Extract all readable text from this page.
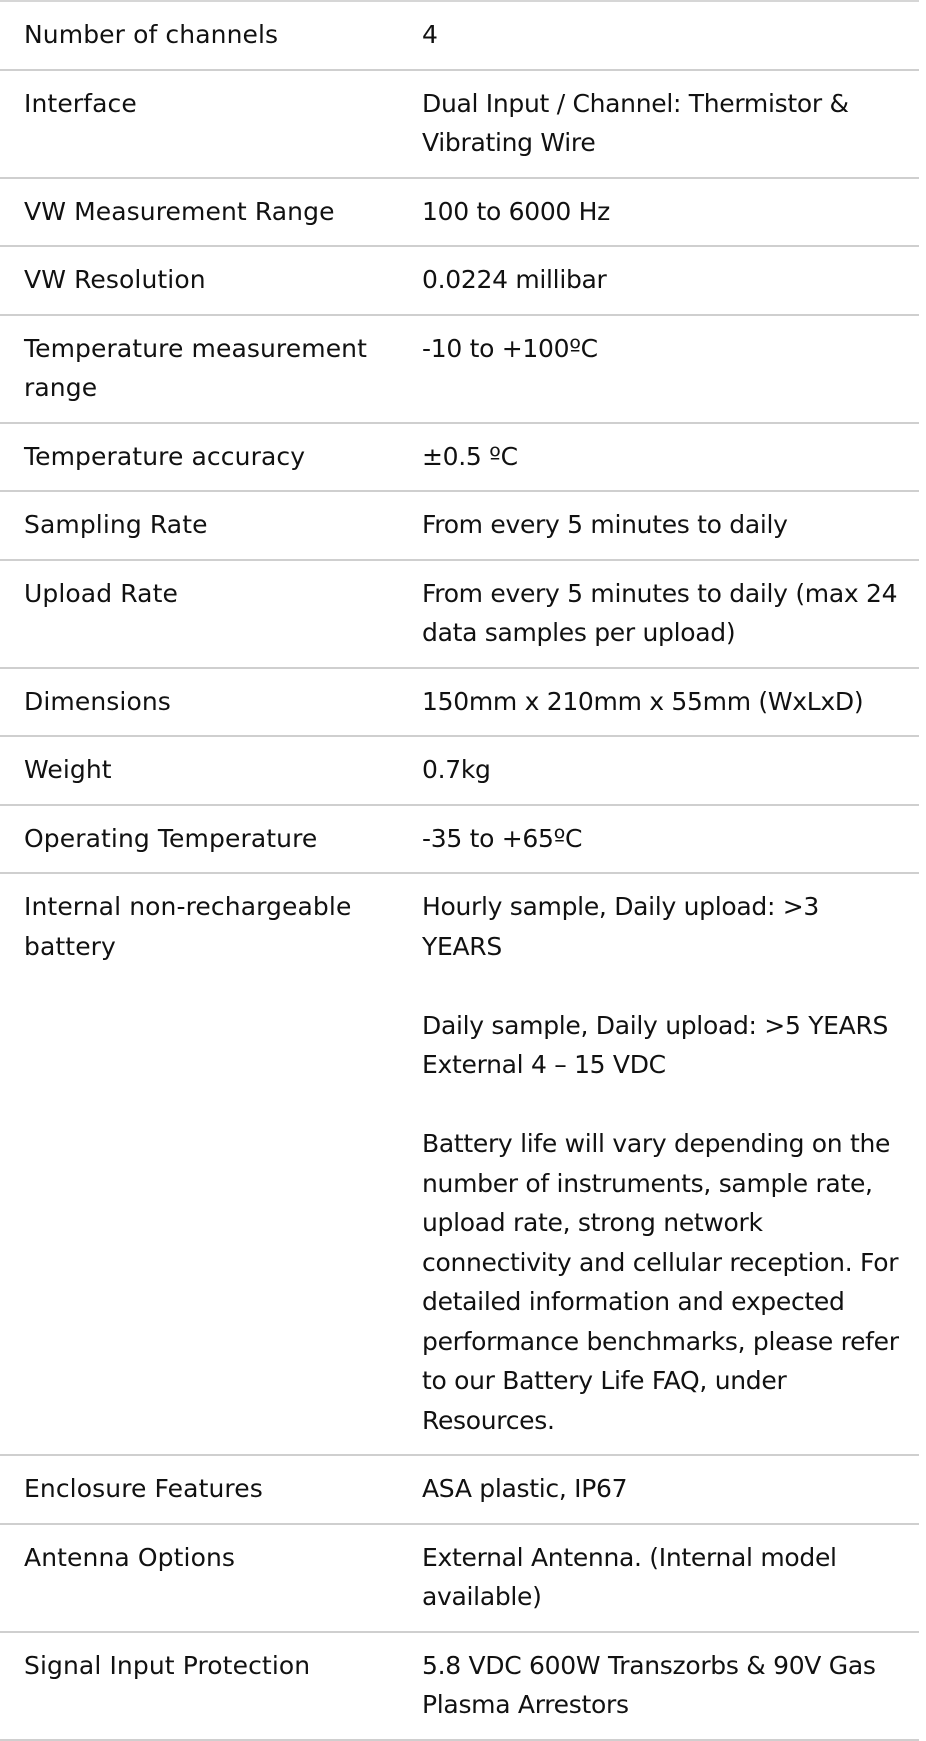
Number of channels	4
Interface	Dual Input / Channel: Thermistor & Vibrating Wire
VW Measurement Range	100 to 6000 Hz
VW Resolution	0.0224 millibar
Temperature measurement range	-10 to +100ºC
Temperature accuracy	±0.5 ºC
Sampling Rate	From every 5 minutes to daily
Upload Rate	From every 5 minutes to daily (max 24 data samples per upload)
Dimensions	150mm x 210mm x 55mm (WxLxD)
Weight	0.7kg
Operating Temperature	-35 to +65ºC
Internal non-rechargeable battery	Hourly sample, Daily upload: >3 YEARS

Daily sample, Daily upload: >5 YEARS
External 4 – 15 VDC

Battery life will vary depending on the number of instruments, sample rate, upload rate, strong network connectivity and cellular reception. For detailed information and expected performance benchmarks, please refer to our Battery Life FAQ, under Resources.
Enclosure Features	ASA plastic, IP67
Antenna Options	External Antenna. (Internal model available)
Signal Input Protection	5.8 VDC 600W Transzorbs & 90V Gas Plasma Arrestors
